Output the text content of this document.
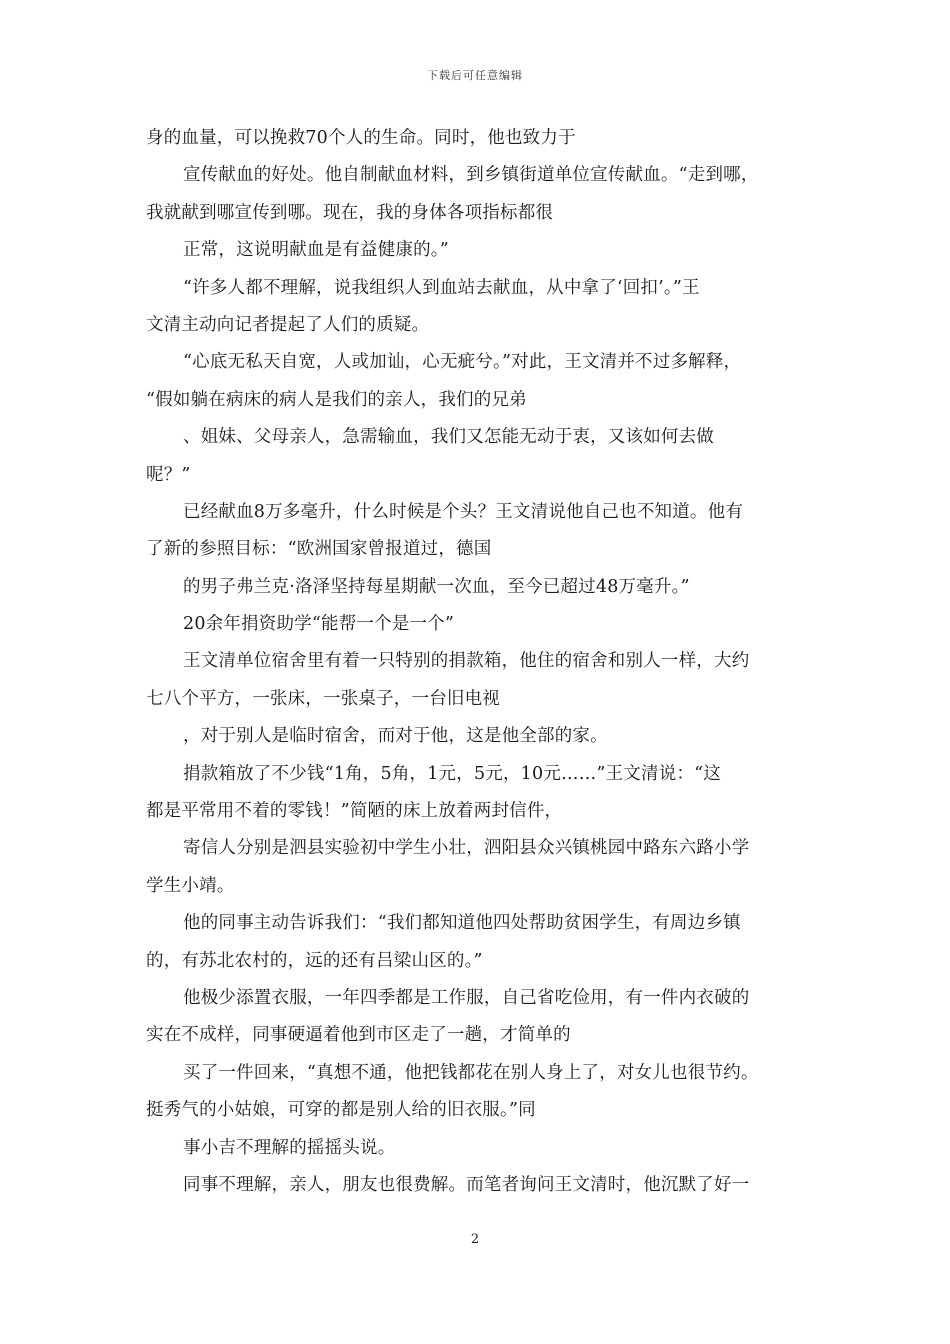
下载后可任意编辑
身的血量，可以挽救70个人的生命。同时，他也致力于
宣传献血的好处。他自制献血材料，到乡镇街道单位宣传献血。“走到哪，
我就献到哪宣传到哪。现在，我的身体各项指标都很
正常，这说明献血是有益健康的。”
“许多人都不理解，说我组织人到血站去献血，从中拿了‘回扣’。”王
文清主动向记者提起了人们的质疑。
“心底无私天自宽，人或加讪，心无疵兮。”对此，王文清并不过多解释，
“假如躺在病床的病人是我们的亲人，我们的兄弟
、姐妹、父母亲人，急需输血，我们又怎能无动于衷，又该如何去做
呢？”
已经献血8万多毫升，什么时候是个头？王文清说他自己也不知道。他有
了新的参照目标：“欧洲国家曾报道过，德国
的男子弗兰克·洛泽坚持每星期献一次血，至今已超过48万毫升。”
20余年捐资助学“能帮一个是一个”
王文清单位宿舍里有着一只特别的捐款箱，他住的宿舍和别人一样，大约
七八个平方，一张床，一张桌子，一台旧电视
，对于别人是临时宿舍，而对于他，这是他全部的家。
捐款箱放了不少钱“1角，5角，1元，5元，10元……”王文清说：“这
都是平常用不着的零钱！”简陋的床上放着两封信件，
寄信人分别是泗县实验初中学生小壮，泗阳县众兴镇桃园中路东六路小学
学生小靖。
他的同事主动告诉我们：“我们都知道他四处帮助贫困学生，有周边乡镇
的，有苏北农村的，远的还有吕梁山区的。”
他极少添置衣服，一年四季都是工作服，自己省吃俭用，有一件内衣破的
实在不成样，同事硬逼着他到市区走了一趟，才简单的
买了一件回来，“真想不通，他把钱都花在别人身上了，对女儿也很节约。
挺秀气的小姑娘，可穿的都是别人给的旧衣服。”同
事小吉不理解的摇摇头说。
同事不理解，亲人，朋友也很费解。而笔者询问王文清时，他沉默了好一
2
